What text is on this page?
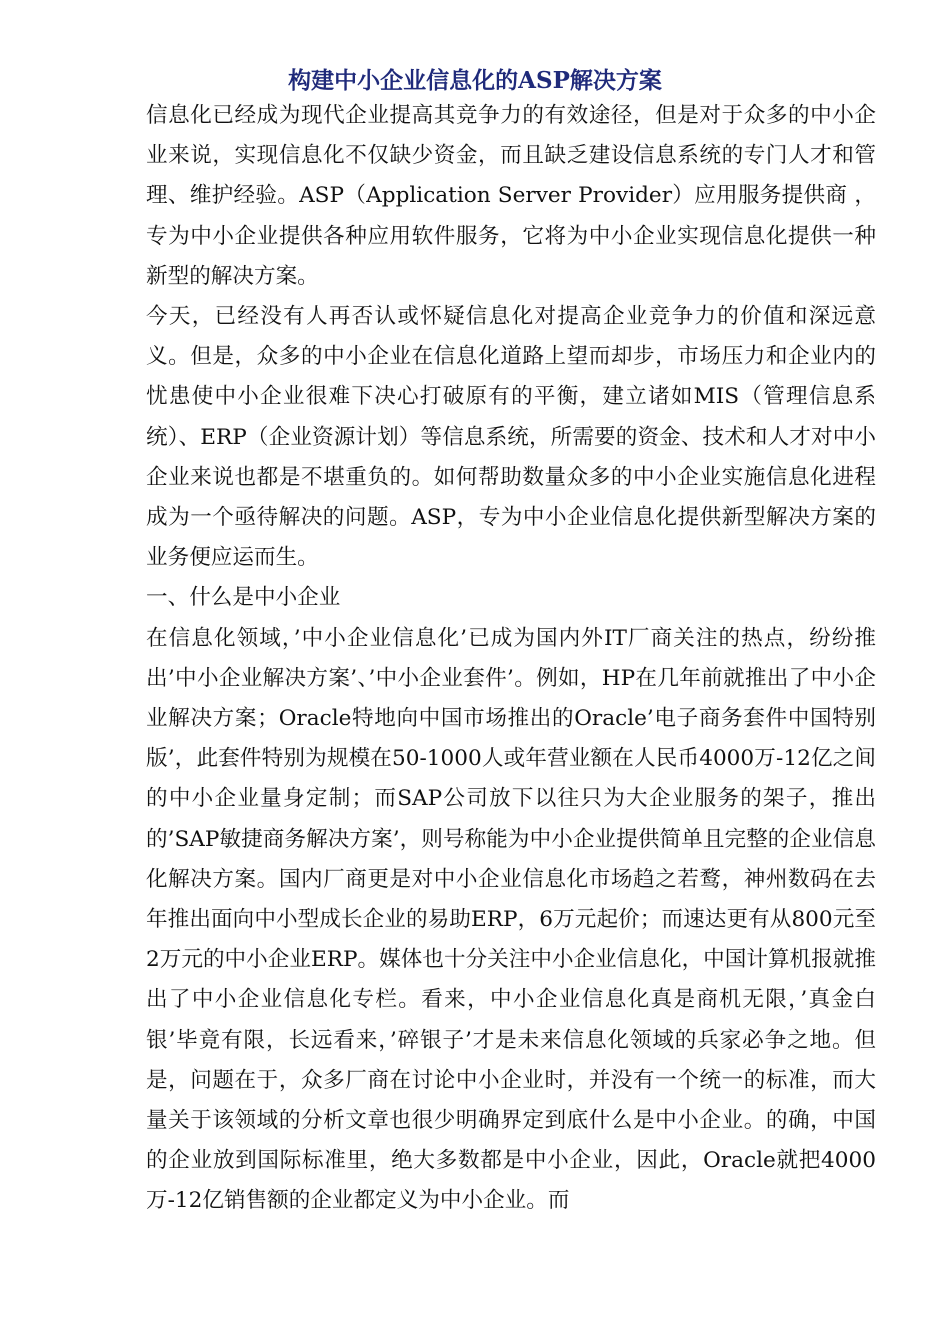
构建中小企业信息化的ASP解决方案

信息化已经成为现代企业提高其竞争力的有效途径，但是对于众多的中小企业来说，实现信息化不仅缺少资金，而且缺乏建设信息系统的专门人才和管理、维护经验。ASP（Application Server Provider）应用服务提供商 ，专为中小企业提供各种应用软件服务，它将为中小企业实现信息化提供一种新型的解决方案。

今天，已经没有人再否认或怀疑信息化对提高企业竞争力的价值和深远意义。但是，众多的中小企业在信息化道路上望而却步，市场压力和企业内的忧患使中小企业很难下决心打破原有的平衡，建立诸如MIS（管理信息系统）、ERP（企业资源计划）等信息系统，所需要的资金、技术和人才对中小企业来说也都是不堪重负的。如何帮助数量众多的中小企业实施信息化进程成为一个亟待解决的问题。ASP，专为中小企业信息化提供新型解决方案的业务便应运而生。

一、什么是中小企业

在信息化领域，’中小企业信息化’已成为国内外IT厂商关注的热点，纷纷推出’中小企业解决方案’、’中小企业套件’。例如，HP在几年前就推出了中小企业解决方案；Oracle特地向中国市场推出的Oracle’电子商务套件中国特别版’，此套件特别为规模在50-1000人或年营业额在人民币4000万-12亿之间的中小企业量身定制；而SAP公司放下以往只为大企业服务的架子，推出的’SAP敏捷商务解决方案’，则号称能为中小企业提供简单且完整的企业信息化解决方案。国内厂商更是对中小企业信息化市场趋之若鹜，神州数码在去年推出面向中小型成长企业的易助ERP，6万元起价；而速达更有从800元至2万元的中小企业ERP。媒体也十分关注中小企业信息化，中国计算机报就推出了中小企业信息化专栏。看来，中小企业信息化真是商机无限，’真金白银’毕竟有限，长远看来，’碎银子’才是未来信息化领域的兵家必争之地。但是，问题在于，众多厂商在讨论中小企业时，并没有一个统一的标准，而大量关于该领域的分析文章也很少明确界定到底什么是中小企业。的确，中国的企业放到国际标准里，绝大多数都是中小企业，因此，Oracle就把4000万-12亿销售额的企业都定义为中小企业。而
